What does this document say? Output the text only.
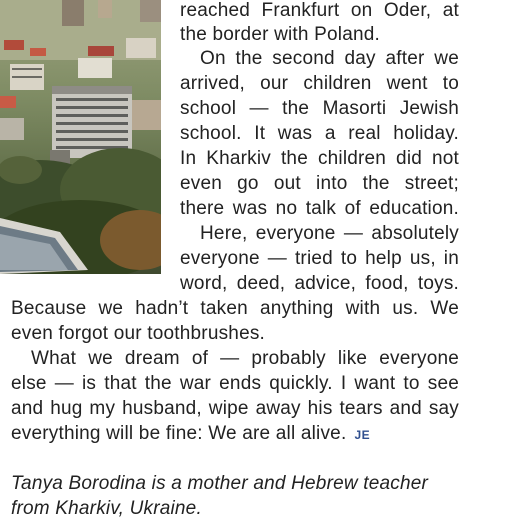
reached Frankfurt on Oder, at

the border with Poland.

On the second day after we

arrived, our children went to

school — the Masorti Jewish

school. It was a real holiday.

In Kharkiv the children did not

even go out into the street;

there was no talk of education.

Here, everyone — absolutely

everyone — tried to help us, in

word, deed, advice, food, toys.

Because we hadn’t taken anything with us. We

even forgot our toothbrushes.

What we dream of — probably like everyone

else — is that the war ends quickly. I want to see

and hug my husband, wipe away his tears and say

everything will be fine: We are all alive. JE

Tanya Borodina is a mother and Hebrew teacher

from Kharkiv, Ukraine.
